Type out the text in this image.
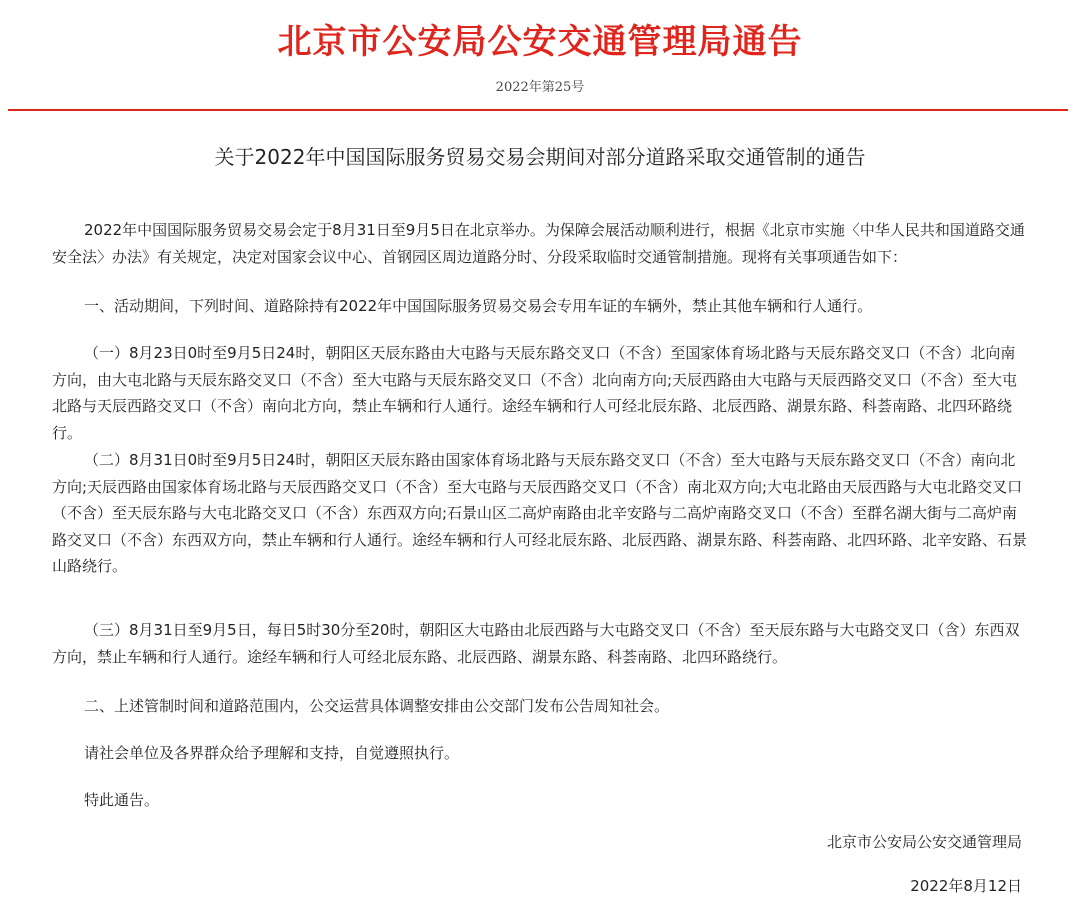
北京市公安局公安交通管理局通告
2022年第25号
关于2022年中国国际服务贸易交易会期间对部分道路采取交通管制的通告

2022年中国国际服务贸易交易会定于8月31日至9月5日在北京举办。为保障会展活动顺利进行，根据《北京市实施〈中华人民共和国道路交通安全法〉办法》有关规定，决定对国家会议中心、首钢园区周边道路分时、分段采取临时交通管制措施。现将有关事项通告如下：

一、活动期间，下列时间、道路除持有2022年中国国际服务贸易交易会专用车证的车辆外，禁止其他车辆和行人通行。

（一）8月23日0时至9月5日24时，朝阳区天辰东路由大屯路与天辰东路交叉口（不含）至国家体育场北路与天辰东路交叉口（不含）北向南方向，由大屯北路与天辰东路交叉口（不含）至大屯路与天辰东路交叉口（不含）北向南方向;天辰西路由大屯路与天辰西路交叉口（不含）至大屯北路与天辰西路交叉口（不含）南向北方向，禁止车辆和行人通行。途经车辆和行人可经北辰东路、北辰西路、湖景东路、科荟南路、北四环路绕行。

（二）8月31日0时至9月5日24时，朝阳区天辰东路由国家体育场北路与天辰东路交叉口（不含）至大屯路与天辰东路交叉口（不含）南向北方向;天辰西路由国家体育场北路与天辰西路交叉口（不含）至大屯路与天辰西路交叉口（不含）南北双方向;大屯北路由天辰西路与大屯北路交叉口（不含）至天辰东路与大屯北路交叉口（不含）东西双方向;石景山区二高炉南路由北辛安路与二高炉南路交叉口（不含）至群名湖大街与二高炉南路交叉口（不含）东西双方向，禁止车辆和行人通行。途经车辆和行人可经北辰东路、北辰西路、湖景东路、科荟南路、北四环路、北辛安路、石景山路绕行。

（三）8月31日至9月5日，每日5时30分至20时，朝阳区大屯路由北辰西路与大屯路交叉口（不含）至天辰东路与大屯路交叉口（含）东西双方向，禁止车辆和行人通行。途经车辆和行人可经北辰东路、北辰西路、湖景东路、科荟南路、北四环路绕行。

二、上述管制时间和道路范围内，公交运营具体调整安排由公交部门发布公告周知社会。

请社会单位及各界群众给予理解和支持，自觉遵照执行。

特此通告。

北京市公安局公安交通管理局
2022年8月12日
